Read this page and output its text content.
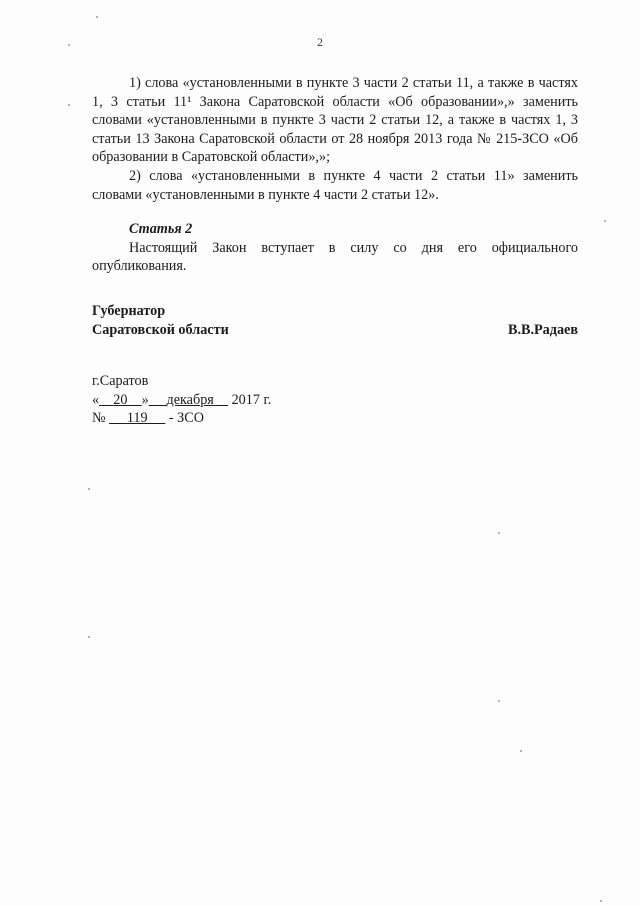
2

1) слова «установленными в пункте 3 части 2 статьи 11, а также в частях 1, 3 статьи 11¹ Закона Саратовской области «Об образовании»,» заменить словами «установленными в пункте 3 части 2 статьи 12, а также в частях 1, 3 статьи 13 Закона Саратовской области от 28 ноября 2013 года № 215-ЗСО «Об образовании в Саратовской области»,»;

2) слова «установленными в пункте 4 части 2 статьи 11» заменить словами «установленными в пункте 4 части 2 статьи 12».

Статья 2

Настоящий Закон вступает в силу со дня его официального опубликования.

Губернатор
Саратовской области	В.В.Радаев
г.Саратов
« 20 » декабря 2017 г.
№ 119 - ЗСО
